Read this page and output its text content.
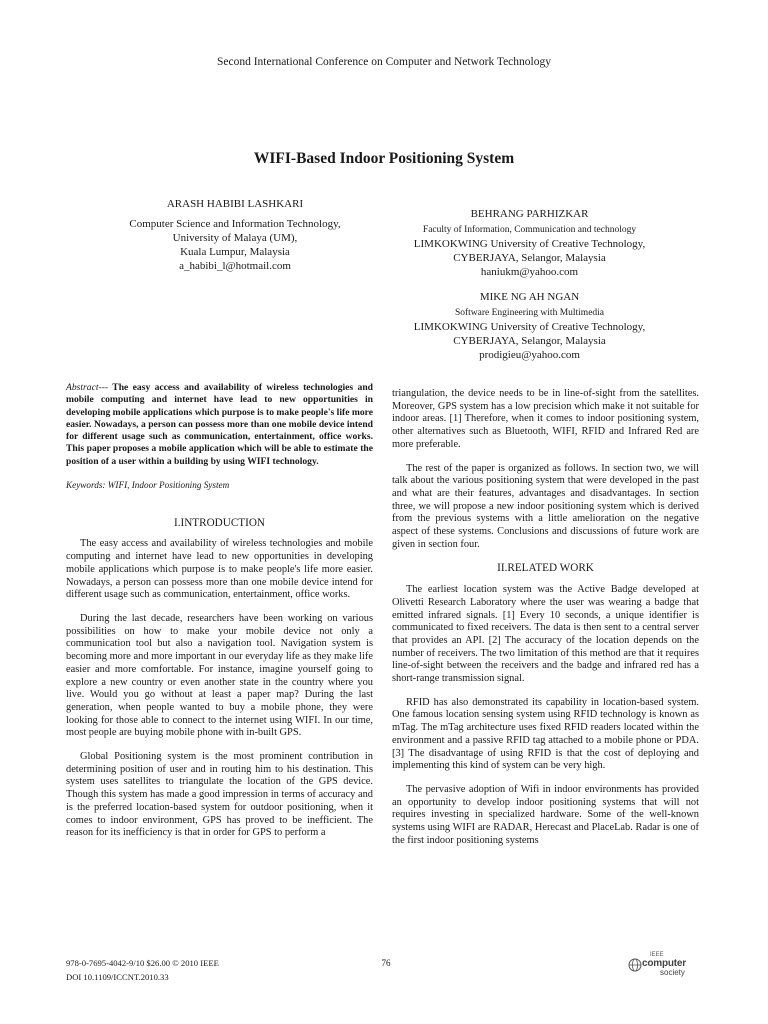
Second International Conference on Computer and Network Technology
WIFI-Based Indoor Positioning System
ARASH HABIBI LASHKARI
Computer Science and Information Technology,
University of Malaya (UM),
Kuala Lumpur, Malaysia
a_habibi_l@hotmail.com
BEHRANG PARHIZKAR
Faculty of Information, Communication and technology
LIMKOKWING University of Creative Technology,
CYBERJAYA, Selangor, Malaysia
haniukm@yahoo.com
MIKE NG AH NGAN
Software Engineering with Multimedia
LIMKOKWING University of Creative Technology,
CYBERJAYA, Selangor, Malaysia
prodigieu@yahoo.com

Abstract--- The easy access and availability of wireless technologies and mobile computing and internet have lead to new opportunities in developing mobile applications which purpose is to make people's life more easier. Nowadays, a person can possess more than one mobile device intend for different usage such as communication, entertainment, office works. This paper proposes a mobile application which will be able to estimate the position of a user within a building by using WIFI technology.

Keywords: WIFI, Indoor Positioning System

I.INTRODUCTION

The easy access and availability of wireless technologies and mobile computing and internet have lead to new opportunities in developing mobile applications which purpose is to make people's life more easier. Nowadays, a person can possess more than one mobile device intend for different usage such as communication, entertainment, office works.

During the last decade, researchers have been working on various possibilities on how to make your mobile device not only a communication tool but also a navigation tool. Navigation system is becoming more and more important in our everyday life as they make life easier and more comfortable. For instance, imagine yourself going to explore a new country or even another state in the country where you live. Would you go without at least a paper map? During the last generation, when people wanted to buy a mobile phone, they were looking for those able to connect to the internet using WIFI. In our time, most people are buying mobile phone with in-built GPS.

Global Positioning system is the most prominent contribution in determining position of user and in routing him to his destination. This system uses satellites to triangulate the location of the GPS device. Though this system has made a good impression in terms of accuracy and is the preferred location-based system for outdoor positioning, when it comes to indoor environment, GPS has proved to be inefficient. The reason for its inefficiency is that in order for GPS to perform a

triangulation, the device needs to be in line-of-sight from the satellites. Moreover, GPS system has a low precision which make it not suitable for indoor areas. [1] Therefore, when it comes to indoor positioning system, other alternatives such as Bluetooth, WIFI, RFID and Infrared Red are more preferable.

The rest of the paper is organized as follows. In section two, we will talk about the various positioning system that were developed in the past and what are their features, advantages and disadvantages. In section three, we will propose a new indoor positioning system which is derived from the previous systems with a little amelioration on the negative aspect of these systems. Conclusions and discussions of future work are given in section four.

II.RELATED WORK

The earliest location system was the Active Badge developed at Olivetti Research Laboratory where the user was wearing a badge that emitted infrared signals. [1] Every 10 seconds, a unique identifier is communicated to fixed receivers. The data is then sent to a central server that provides an API. [2] The accuracy of the location depends on the number of receivers. The two limitation of this method are that it requires line-of-sight between the receivers and the badge and infrared red has a short-range transmission signal.

RFID has also demonstrated its capability in location-based system. One famous location sensing system using RFID technology is known as mTag. The mTag architecture uses fixed RFID readers located within the environment and a passive RFID tag attached to a mobile phone or PDA. [3] The disadvantage of using RFID is that the cost of deploying and implementing this kind of system can be very high.

The pervasive adoption of Wifi in indoor environments has provided an opportunity to develop indoor positioning systems that will not requires investing in specialized hardware. Some of the well-known systems using WIFI are RADAR, Herecast and PlaceLab. Radar is one of the first indoor positioning systems

978-0-7695-4042-9/10 $26.00 © 2010 IEEE
DOI 10.1109/ICCNT.2010.33
76
IEEE
computer
society
